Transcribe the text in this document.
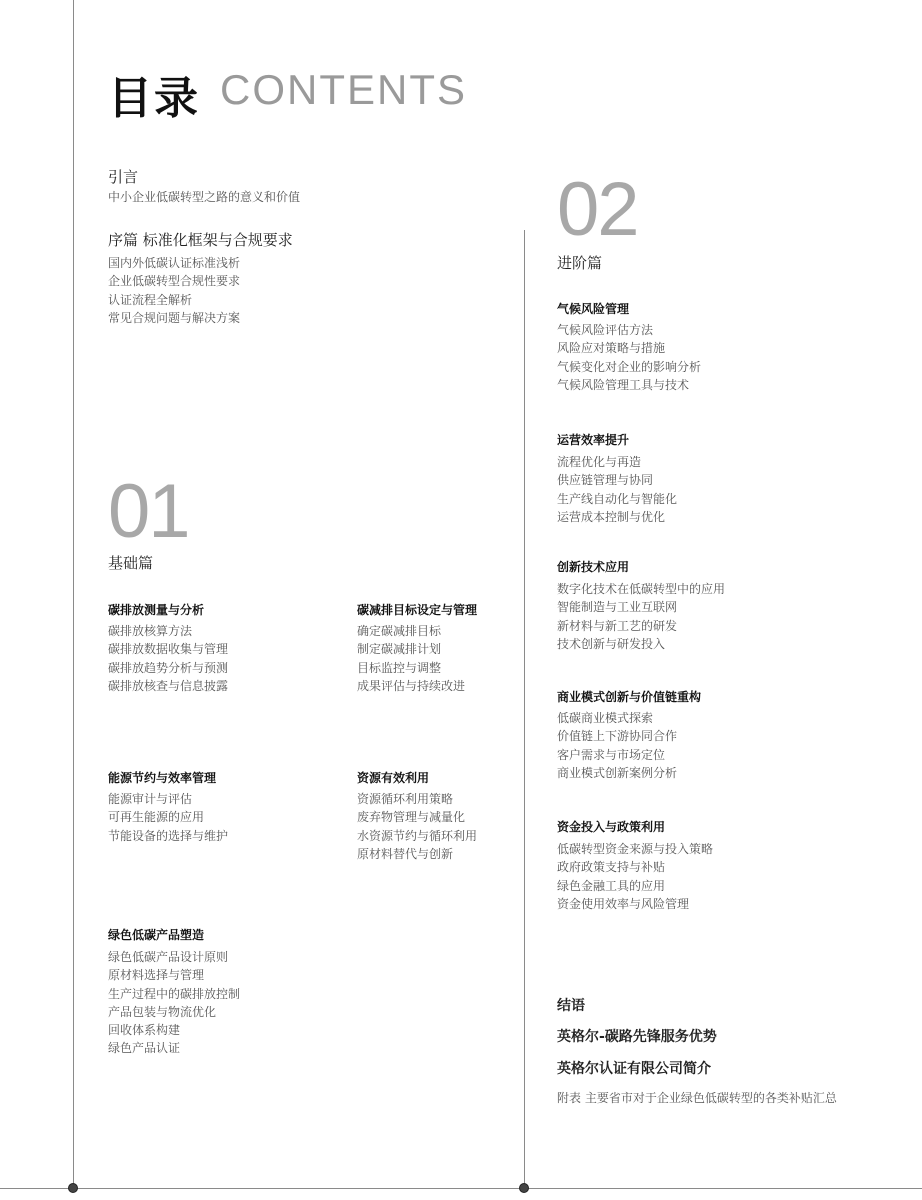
目录 CONTENTS
引言
中小企业低碳转型之路的意义和价值
序篇 标准化框架与合规要求
国内外低碳认证标准浅析
企业低碳转型合规性要求
认证流程全解析
常见合规问题与解决方案
01
基础篇
碳排放测量与分析
碳排放核算方法
碳排放数据收集与管理
碳排放趋势分析与预测
碳排放核查与信息披露
碳减排目标设定与管理
确定碳减排目标
制定碳减排计划
目标监控与调整
成果评估与持续改进
能源节约与效率管理
能源审计与评估
可再生能源的应用
节能设备的选择与维护
资源有效利用
资源循环利用策略
废弃物管理与减量化
水资源节约与循环利用
原材料替代与创新
绿色低碳产品塑造
绿色低碳产品设计原则
原材料选择与管理
生产过程中的碳排放控制
产品包装与物流优化
回收体系构建
绿色产品认证
02
进阶篇
气候风险管理
气候风险评估方法
风险应对策略与措施
气候变化对企业的影响分析
气候风险管理工具与技术
运营效率提升
流程优化与再造
供应链管理与协同
生产线自动化与智能化
运营成本控制与优化
创新技术应用
数字化技术在低碳转型中的应用
智能制造与工业互联网
新材料与新工艺的研发
技术创新与研发投入
商业模式创新与价值链重构
低碳商业模式探索
价值链上下游协同合作
客户需求与市场定位
商业模式创新案例分析
资金投入与政策利用
低碳转型资金来源与投入策略
政府政策支持与补贴
绿色金融工具的应用
资金使用效率与风险管理
结语
英格尔-碳路先锋服务优势
英格尔认证有限公司简介
附表 主要省市对于企业绿色低碳转型的各类补贴汇总
